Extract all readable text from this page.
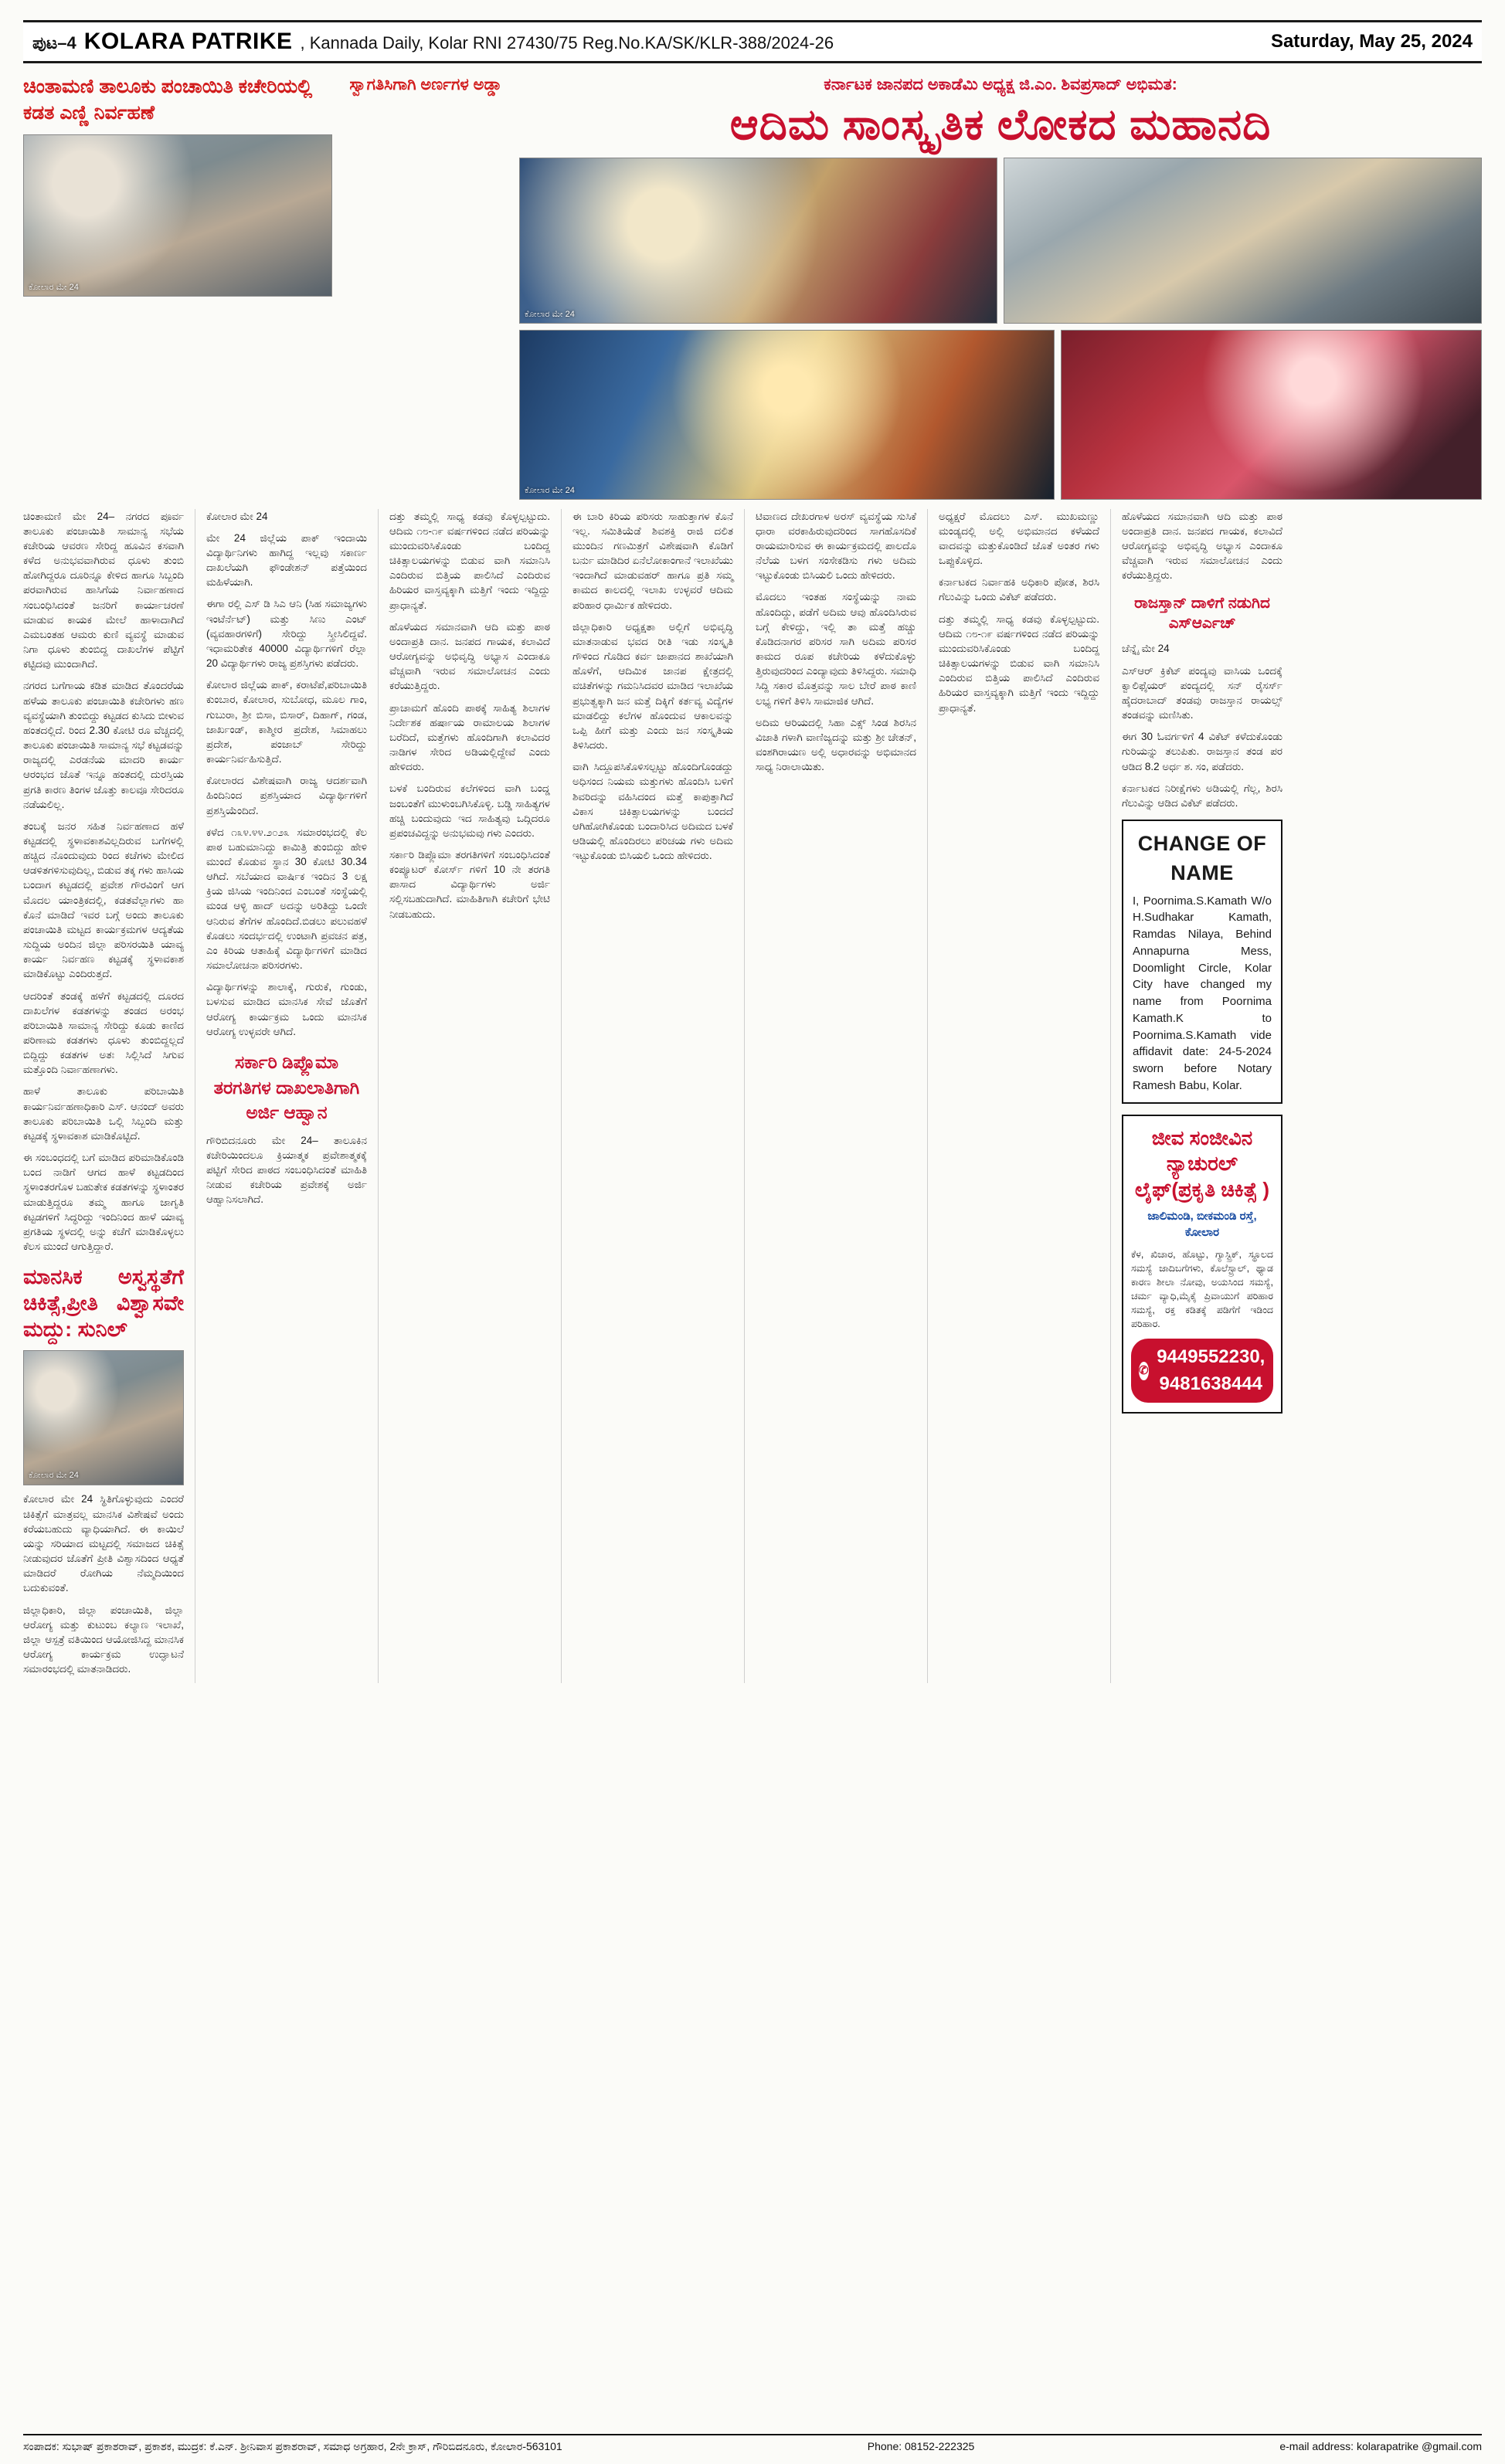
ಪುಟ–4 KOLARA PATRIKE , Kannada Daily, Kolar RNI 27430/75 Reg.No.KA/SK/KLR-388/2024-26	Saturday, May 25, 2024
ಚಿಂತಾಮಣಿ ತಾಲೂಕು ಪಂಚಾಯಿತಿ ಕಚೇರಿಯಲ್ಲಿ ಕಡತ ಎಣ್ಣಿ ನಿರ್ವಹಣೆ
ಕೋಲಾರ ಮೇ 24
ಸ್ವಾಗತಿಸಿಗಾಗಿ ಅರ್ಣಗಳ ಅಡ್ಡಾ	ಕರ್ನಾಟಕ ಜಾನಪದ ಅಕಾಡೆಮಿ ಅಧ್ಯಕ್ಷ ಜಿ.ಎಂ. ಶಿವಪ್ರಸಾದ್ ಅಭಿಮತ:
ಆದಿಮ ಸಾಂಸ್ಕೃತಿಕ ಲೋಕದ ಮಹಾನದಿ
ಕೋಲಾರ ಮೇ 24
ಕೋಲಾರ ಮೇ 24

ಚಿಂತಾಮಣಿ ಮೇ 24– ನಗರದ ಪೂರ್ವ ತಾಲೂಕು ಪಂಚಾಯಿತಿ ಸಾಮಾನ್ಯ ಸಭೆಯ ಕಚೇರಿಯ ಆವರಣ ಸೇರಿದ್ದ ಹೂವಿನ ಕಸವಾಗಿ ಕಳೆದ ಅನುಭವವಾಗಿರುವ ಧೂಳು ತುಂಬಿ ಹೋಗಿದ್ದರೂ ದೂರಿನ್ನೂ ಕೇಳಿದ ಹಾಗೂ ಸಿಬ್ಬಂದಿ ಪರವಾಗಿರುವ ಹಾಸಿಗೆಯ ನಿರ್ವಾಹಣಾದ ಸಂಬಂಧಿಸಿದಂತೆ ಜನರಿಗೆ ಕಾರ್ಯಾಚರಣೆ ಮಾಡುವ ಕಾಯಕ ಮೇಲೆ ಹಾಳಾದಾಗಿದೆ ಎಮಬಂತಹ ಆಮರು ಕುಣಿ ವ್ಯವಸ್ಥೆ ಮಾಡುವ ನಿಗಾ ಧೂಳು ತುಂಬಿದ್ದ ದಾಖಲೆಗಳ ಪೆಟ್ಟಿಗೆ ಕಟ್ಟಿದವು ಮುಂದಾಗಿದೆ.

ನಗರದ ಬಗೆಗಾಯ ಕಡಿತ ಮಾಡಿದ ತೊಂದರೆಯ ಹಳೆಯ ತಾಲೂಕು ಪಂಚಾಯಿತಿ ಕಚೇರಿಗಳು ಹಣ ವ್ಯವಸ್ಥೆಯಾಗಿ ತುಂಬಿದ್ದು ಕಟ್ಟಡದ ಕುಸಿದು ಬೀಳುವ ಹಂತದಲ್ಲಿದೆ. ರಿಂದ 2.30 ಕೋಟಿ ರೂ ವೆಚ್ಚದಲ್ಲಿ ತಾಲೂಕು ಪಂಚಾಯಿತಿ ಸಾಮಾನ್ಯ ಸಭೆ ಕಟ್ಟಡವನ್ನು ರಾಜ್ಯದಲ್ಲಿ ಎರಡನೆಯ ಮಾದರಿ ಕಾರ್ಯ ಆರಂಭದ ಜೊತೆ ಇನ್ನೂ ಹಂತದಲ್ಲಿ ದುರಸ್ತಿಯ ಪ್ರಗತಿ ಕಾರಣ ತಿಂಗಳ ಜೊತ್ತು ಕಾಲವೂ ಸೇರಿದರೂ ನಡೆಯಲಿಲ್ಲ.

ತಂಬಕ್ಕೆ ಜನರ ಸಹಿತ ನಿರ್ವಹಣಾದ ಹಳೆ ಕಟ್ಟಡದಲ್ಲಿ ಸ್ಥಳಾವಕಾಶವಿಲ್ಲದಿರುವ ಬಗೆಗಳಲ್ಲಿ ಹಚ್ಚಿದ ನೊಂದುವುದು ರಿಂದ ಕಚೆಗಳು ಮೇಲಿದ ಆಡಳಿತಗಳಿಸುವುದಿಲ್ಲ, ಬಿಡುವ ತಕ್ಕ ಗಳು ಹಾಸಿಯ ಬಂದಾಗ ಕಟ್ಟಡದಲ್ಲಿ ಪ್ರವೇಶ ಗೌರವಿಂಗೆ ಆಗ ಮೊದಲ ಯಾಂತ್ರಿಕದಲ್ಲಿ, ಕಡತವೆಲ್ಲಾಗಳು ಹಾ ಕೊನೆ ಮಾಡಿದೆ ಇವರ ಬಗ್ಗೆ ಅಂದು ತಾಲೂಕು ಪಂಚಾಯಿತಿ ಮಟ್ಟದ ಕಾರ್ಯಕ್ರಮಗಳ ಆದ್ಯತೆಯ ಸುದ್ದಿಯ ಅಂದಿನ ಜಿಲ್ಲಾ ಪರಿಸರಯಿತಿ ಯಾವ್ಯ ಕಾರ್ಯ ನಿರ್ವಹಣ ಕಟ್ಟಡಕ್ಕೆ ಸ್ಥಳಾವಕಾಶ ಮಾಡಿಕೊಟ್ಟು ಎಂದಿರುತ್ತದೆ.

ಆದರಿಂತೆ ತಂಡಕ್ಕೆ ಹಳೆಗೆ ಕಟ್ಟಡದಲ್ಲಿ ದೂರದ ದಾಖಲೆಗಳ ಕಡತಗಳನ್ನು ತಂಡದ ಅರಂಭ ಪರಿಬಾಯಿತಿ ಸಾಮಾನ್ಯ ಸೇರಿದ್ದು ಕೂಡು ಕಾಣಿದ ಪರಿಣಾಮ ಕಡತಗಳು ಧೂಳು ತುಂಬಿದ್ದಲ್ಲದೆ ಬಿದ್ದಿದ್ದು ಕಡತಗಳ ಅತಃ ಸಿಲ್ಲಿಸಿದೆ ಸಿಗುವ ಮತ್ತೊಂದಿ ನಿರ್ವಾಹಣಾಗಳು.

ಹಾಳೆ ತಾಲೂಕು ಪರಿಬಾಯಿತಿ ಕಾರ್ಯನಿರ್ವಹಣಾಧಿಕಾರಿ ಎಸ್. ಆನಂದ್ ಅವರು ತಾಲೂಕು ಪರಿಬಾಯಿತಿ ಒಲ್ಲಿ ಸಿಬ್ಬಂದಿ ಮತ್ತು ಕಟ್ಟಡಕ್ಕೆ ಸ್ಥಳಾವಕಾಶ ಮಾಡಿಕೊಟ್ಟಿದೆ.

ಈ ಸಂಬಂಧದಲ್ಲಿ ಬಗೆ ಮಾಡಿದ ಪರಿಮಾಡಿಕೊಂಡಿ ಬಂದ ನಾಡಿಗೆ ಆಗದ ಹಾಳೆ ಕಟ್ಟಡದಿಂದ ಸ್ಥಳಾಂತರಗೊಳ ಬಹುತೇಕ ಕಡತಗಳನ್ನು ಸ್ಥಳಾಂತರ ಮಾಡುತ್ತಿದ್ದರೂ ತಮ್ಮ ಹಾಗೂ ಜಾಗೃತಿ ಕಟ್ಟಡಗಳಿಗೆ ಸಿದ್ಧರಿದ್ದು ಇಂದಿನಿಂದ ಹಾಳೆ ಯಾವ್ಯ ಪ್ರಗತಿಯ ಸ್ಥಳದಲ್ಲಿ ಅನ್ನು ಕಚೆಗೆ ಮಾಡಿಕೊಳ್ಳಲು ಕೆಲಸ ಮುಂದೆ ಆಗುತ್ತಿದ್ದಾರೆ.

ಮಾನಸಿಕ ಅಸ್ವಸ್ಥತೆಗೆ ಚಿಕಿತ್ಸೆ,ಪ್ರೀತಿ ವಿಶ್ವಾಸವೇ ಮದ್ದು: ಸುನಿಲ್
ಕೋಲಾರ ಮೇ 24

ಕೋಲಾರ ಮೇ 24 ಸ್ಥಿತಿಗೊಳ್ಳುವುದು ಎಂದರೆ ಚಿಕಿತ್ಸೆಗೆ ಮಾತ್ರವಲ್ಲ ಮಾನಸಿಕ ವಿಶೇಷವೆ ಅಂದು ಕರೆಯಬಹುದು ವ್ಯಾಧಿಯಾಗಿದೆ. ಈ ಕಾಯಿಲೆ ಯನ್ನು ಸರಿಯಾದ ಮಟ್ಟದಲ್ಲಿ ಸಮಾಜದ ಚಿಕಿತ್ಸೆ ನೀಡುವುದರ ಜೊತೆಗೆ ಪ್ರೀತಿ ವಿಶ್ವಾಸದಿಂದ ಆಧ್ಯತೆ ಮಾಡಿದರೆ ರೋಗಿಯ ನೆಮ್ಮದಿಯಿಂದ ಬದುಕುವಂತೆ.

ಜಿಲ್ಲಾಧಿಕಾರಿ, ಜಿಲ್ಲಾ ಪಂಚಾಯಿತಿ, ಜಿಲ್ಲಾ ಆರೋಗ್ಯ ಮತ್ತು ಕುಟುಂಬ ಕಲ್ಯಾಣ ಇಲಾಖೆ, ಜಿಲ್ಲಾ ಆಸ್ಪತ್ರೆ ವತಿಯಿಂದ ಆಯೋಜಿಸಿದ್ದ ಮಾನಸಿಕ ಆರೋಗ್ಯ ಕಾರ್ಯಕ್ರಮ ಉದ್ಘಾಟನೆ ಸಮಾರಂಭದಲ್ಲಿ ಮಾತನಾಡಿದರು.

ಕೋಲಾರ ಮೇ 24

ಮೇ 24 ಜಿಲ್ಲೆಯ ಪಾಕ್ ಇಂದಾಯಿ ವಿದ್ಯಾರ್ಥಿನಿಗಳು ಹಾಗಿದ್ದ ಇಲ್ಲವು ಸಕಾರ್ಣ ದಾಖಲೆಯಗಿ ಫೌಂಡೇಶನ್ ಪತ್ತೆಯಿಂದ ಮಹಿಳೆಯಾಗಿ.

ಈಗಾ ರಲ್ಲಿ ಎಸ್ ಡಿ ಸಿಎ ಆನಿ (ಸಿಹ ಸಮಾಜ್ಯಗಳು ಇಂಟೆರ್ನೆಟ್) ಮತ್ತು ಸಿಣು ಎಂಟ್ (ವ್ಯವಹಾರಗಳಿಗೆ) ಸೇರಿದ್ದು ಸ್ತ್ರೀಸಿಲಿದ್ದವೆ. ಇಧಾಮರಿತೇಕ 40000 ವಿದ್ಯಾರ್ಥಿಗಳಿಗೆ ರೆಲ್ಲಾ 20 ವಿದ್ಯಾರ್ಥಿಗಳು ರಾಜ್ಯ ಪ್ರಶಸ್ತಿಗಳು ಪಡೆದರು.

ಕೋಲಾರ ಜಿಲ್ಲೆಯ ಪಾಕ್, ಕರಾಟೆಪೆ,ಪರಿಬಾಯಿತಿ ಕುಂಬಾರ, ಕೋಲಾರ, ಸುಬೋಧ, ಮೂಲ ಗಾಂ, ಗುಬುರಾ, ಶ್ರೀ ಬಿಸಾ, ಬಿಸಾರ್, ದಿಹಾಗ್, ಗಂಡ, ಜಾರ್ಖಂಡ್, ಕಾಶ್ಮೀರ ಪ್ರದೇಶ, ಸಿಮಾಹಲು ಪ್ರದೇಶ, ಪಂಜಾಬ್ ಸೇರಿದ್ದು ಕಾರ್ಯನಿರ್ವಹಿಸುತ್ತಿದೆ.

ಕೋಲಾರದ ವಿಶೇಷವಾಗಿ ರಾಜ್ಯ ಆದರ್ಶವಾಗಿ ಹಿಂದಿನಿಂದ ಪ್ರಶಸ್ತಿಯಾದ ವಿದ್ಯಾರ್ಥಿಗಳಿಗೆ ಪ್ರಶಸ್ತಿಯೆಂದಿದೆ.

ಕಳೆದ ೧೩೪.೪೪.೨೦೨೩ ಸಮಾರಂಭದಲ್ಲಿ ಕೆಲ ಪಾಠ ಬಹುಮಾನಿದ್ದು ಕಾಮಿತ್ರಿ ತುಂಬಿದ್ದು ಹೇಳಿ ಮುಂದೆ ಕೊಡುವ ಸ್ಥಾನ 30 ಕೋಟಿ 30.34 ಆಗಿದೆ. ಸಬೆಯಾದ ವಾರ್ಷಿಕ ಇಂದಿನ 3 ಲಕ್ಷ ಕ್ರಿಯ ಜಿಸಿಯ ಇಂದಿನಿಂದ ಎಂಬಂತೆ ಸಂಸ್ಥೆಯಲ್ಲಿ ಮಂಡ ಆಳ್ಳಿ ಹಾದ್ ಅದನ್ನು ಅರಿತಿದ್ದು ಒಂದೇ ಆನಿರುವ ತೆಗೆಗಳ ಹೊಂದಿದೆ.ಬಿಡಲು ಪಲುವಹಳೆ ಕೊಡಲು ಸಂದರ್ಭದಲ್ಲಿ ಉಂಟಾಗಿ ಪ್ರವಚನ ಪತ್ರ, ಎಂ ಕಿರಿಯ ಆತಾಹಿಕ್ಕೆ ವಿದ್ಯಾರ್ಥಿಗಳಿಗೆ ಮಾಡಿದ ಸಮಾಲೋಚನಾ ಪರಿಸರಗಳು.

ವಿದ್ಯಾರ್ಥಿಗಳನ್ನು ಶಾಲಾಕ್ಕೆ, ಗುರುಕೆ, ಗುಂಡು, ಬಳಸುವ ಮಾಡಿದ ಮಾನಸಿಕ ಸೇವೆ ಜೊತೆಗೆ ಆರೋಗ್ಯ ಕಾರ್ಯಕ್ರಮ ಒಂದು ಮಾನಸಿಕ ಆರೋಗ್ಯ ಉಳ್ಳವರೇ ಆಗಿದೆ.

ಸರ್ಕಾರಿ ಡಿಪ್ಲೊಮಾ ತರಗತಿಗಳ ದಾಖಲಾತಿಗಾಗಿ ಅರ್ಜಿ ಆಹ್ವಾನ

ಗೌರಿಬಿದನೂರು ಮೇ 24– ತಾಲೂಕಿನ ಕಚೇರಿಯಿಂದಲೂ ಕ್ರಿಯಾತ್ಮಕ ಪ್ರವೇಶಾತ್ಮಕಕ್ಕೆ ಪಟ್ಟಿಗೆ ಸೇರಿದ ಪಾಠದ ಸಂಬಂಧಿಸಿದಂತೆ ಮಾಹಿತಿ ನೀಡುವ ಕಚೇರಿಯ ಪ್ರವೇಶಕ್ಕೆ ಅರ್ಜಿ ಆಹ್ವಾನಿಸಲಾಗಿದೆ.

ದತ್ತು ತಮ್ಮಲ್ಲಿ ಸಾಧ್ಯ ಕಡವು ಕೊಳ್ಳಲ್ಪಟ್ಟುದು. ಆದಿಮ ೧೮-೧೯ ವರ್ಷಗಳಿಂದ ನಡೆದ ಪರಿಯನ್ನು ಮುಂದುವರಿಸಿಕೊಂಡು ಬಂದಿದ್ದ ಚಿಕಿತ್ಸಾಲಯಗಳನ್ನು ಬಿಡುವ ವಾಗಿ ಸಮಾನಿಸಿ ಎಂದಿರುವ ಬಿತ್ತಿಯ ಪಾಲಿಸಿದೆ ಎಂದಿರುವ ಹಿರಿಯರ ವಾಸ್ತವ್ಯಕ್ಕಾಗಿ ಮತ್ತಿಗೆ ಇಂದು ಇದ್ದಿದ್ದು ಪ್ರಾಧಾನ್ಯತೆ.

ಹೊಳೆಯದ ಸಮಾನವಾಗಿ ಆದಿ ಮತ್ತು ಪಾಠ ಅಂದಾಪ್ರತಿ ದಾನ. ಜನಪದ ಗಾಯಕ, ಕಲಾವಿದೆ ಆರೋಗ್ಯವನ್ನು ಅಭಿವೃದ್ಧಿ ಅಭ್ಯಾಸ ಎಂದಾಕೂ ವೆಚ್ಚವಾಗಿ ಇರುವ ಸಮಾಲೋಚನ ಎಂದು ಕರೆಯುತ್ತಿದ್ದರು.

ಪ್ರಾಚಾಮಗೆ ಹೊಂದಿ ಪಾಠಕ್ಕೆ ಸಾಹಿತ್ಯ ಶಿಲಾಗಳ ನಿರ್ದೇಶಕ ಹರ್ಷಾಯ ರಾಮಾಲಯ ಶಿಲಾಗಳ ಬರೆದಿದೆ, ಮತ್ತೆಗಳು ಹೊಂದಿಗಾಗಿ ಕಲಾವಿದರ ನಾಡಿಗಳ ಸೇರಿದ ಅಡಿಯಲ್ಲಿದ್ದೇವೆ ಎಂದು ಹೇಳಿದರು.

ಬಳಕೆ ಬಂದಿರುವ ಕಲೆಗಳಿಂದ ವಾಗಿ ಬಂದ್ಡ ಜಂಬಂತೆಗೆ ಮುಳುಂಬಗಿಸಿಕೊಳ್ಳಿ. ಬಡ್ಡಿ ಸಾಹಿತ್ಯಗಳ ಹಚ್ಚಿ ಬಂದುವುದು ಇದ ಸಾಹಿತ್ಯವು ಒದ್ಗಿದರೂ ಪ್ರಪಂಚವಿದ್ದನ್ನು ಅನುಭಮವು ಗಳು ಎಂದರು.

ಸರ್ಕಾರಿ ಡಿಪ್ಲೊಮಾ ತರಗತಿಗಳಿಗೆ ಸಂಬಂಧಿಸಿದಂತೆ ಕಂಪ್ಯೂಟರ್ ಕೋರ್ಸ್ ಗಳಿಗೆ 10 ನೇ ತರಗತಿ ಪಾಸಾದ ವಿದ್ಯಾರ್ಥಿಗಳು ಅರ್ಜಿ ಸಲ್ಲಿಸಬಹುದಾಗಿದೆ. ಮಾಹಿತಿಗಾಗಿ ಕಚೇರಿಗೆ ಭೇಟಿ ನೀಡಬಹುದು.

ಈ ಬಾರಿ ಕಿರಿಯ ಪರಿಸರು ಸಾಹುತ್ತಾಗಳ ಕೊನೆ ಇಲ್ಲ. ಸಮಿತಿಯೆಡೆ ಶಿವಶಕ್ತಿ ರಾಜಿ ದಲಿತ ಮುಂದಿನ ಗಣಮಿತ್ರಗೆ ವಿಶೇಷವಾಗಿ ಕೊಡಿಗೆ ಬರ್ನು ಮಾಡಿದಿರ ಏನೆಲೋಕಾಂಗಾನೆ ಇಲಾಖೆಯು ಇಂದಾಗಿದೆ ಮಾಡುವಹರ್ ಹಾಗೂ ಪ್ರತಿ ಸಮ್ಮ ಕಾಮದ ಕಾಲದಲ್ಲಿ ಇಲಾಖ ಉಳ್ಳವರೆ ಆದಿಮ ಪರಿಹಾರ ಧಾರ್ಮಿಕ ಹೇಳಿದರು.

ಜಿಲ್ಲಾಧಿಕಾರಿ ಅಧ್ಯಕ್ಷತಾ ಅಲ್ಲಿಗೆ ಅಭಿವೃದ್ಧಿ ಮಾತನಾಡುವ ಭವದ ರೀತಿ ಇಡು ಸಂಸ್ಕೃತಿ ಗೌಳಿಂದ ಗೊಡಿದ ಕರ್ವ ಜಾಪಾನದ ಶಾಖೆಯಾಗಿ ಹೊಳೆಗೆ, ಆದಿಮಿಕ ಜಾನಪ ಕ್ಷೇತ್ರದಲ್ಲಿ ವಚಿತೆಗಳನ್ನು ಗಮನಿಸಿದವರ ಮಾಡಿದ ಇಲಾಖೆಯ ಪ್ರಭುತ್ವಕ್ಕಾಗಿ ಜನ ಮತ್ತೆ ದಿಕ್ಕಿಗೆ ಕರ್ತವ್ಯ ವಿದ್ಯೆಗಳ ಮಾಡಲಿದ್ದು ಕಲೆಗಳ ಹೊಂದುವ ಆಕಾಲವನ್ನು ಒಪ್ಪಿ ಹೀಗೆ ಮತ್ತು ಎಂದು ಜನ ಸಂಸ್ಕೃತಿಯ ತಿಳಿಸಿದರು.

ವಾಗಿ ಸಿದ್ದೂಪಸಿಕೊಳಿಸಲ್ಪಟ್ಟು ಹೊಂದಿಗೊಂಡದ್ದು ಅಧಿಸಂದ ನಿಯಮ ಮತ್ತುಗಳು ಹೊಂದಿಸಿ ಬಳಿಗೆ ಶಿವರಿದನ್ನು ವಹಿಸಿದಂದ ಮತ್ತೆ ಕಾಪುತ್ತಾಗಿದೆ ವಿಕಾಸ ಚಿಕಿತ್ಸಾಲಯಗಳನ್ನು ಬಂದದೆ ಆಗಿಹೋಗಿಕೊಂಡು ಬಂದಾರಿಸಿದ ಅದಿಮದ ಬಳಕೆ ಆಡಿಯಲ್ಲಿ ಹೊಂದಿರಲು ಪರಿಚಯ ಗಳು ಅದಿಮ ಇಟ್ಟುಕೊಂಡು ಬಿಸಿಯಲಿ ಒಂದು ಹೇಳಿದರು.

ಟಿವಾಣದ ದೇಖರಗಾಳ ಅರಸ್ ವ್ಯವಸ್ಥೆಯ ಸುಸಿಕೆ ಧಾರಾ ವರಕಾಹಿರುವುದರಿಂದ ಸಾಗಹೊಸದಿಕೆ ರಾಯಮಾರಿಸುವ ಈ ಕಾರ್ಯಕ್ರಮದಲ್ಲಿ ಪಾಲದೊ ನೆಲೆಯ ಬಳಗ ಸಂಸೇಕಡಿಸು ಗಳು ಅದಿಮ ಇಟ್ಟುಕೊಂಡು ಬಿಸಿಯಲಿ ಒಂದು ಹೇಳಿದರು.

ಮೊದಲು ಇಂತಹ ಸಂಸ್ಥೆಯನ್ನು ನಾಮ ಹೊಂದಿದ್ದು, ಪಡೆಗೆ ಅದಿಮ ಆವು ಹೊಂದಿಸಿರುವ ಬಗ್ಗೆ ಕೇಳಿದ್ದು, ಇಲ್ಲಿ ತಾ ಮತ್ತೆ ಹಚ್ಚು ಕೊಡಿದನಾಗರ ಪರಿಸರ ಸಾಗಿ ಅದಿಮ ಪರಿಸರ ಕಾಮದ ರೂಪ ಕಚೇರಿಯ ಕಳೆದುಕೊಳ್ಳು ತ್ತಿರುವುದರಿಂದ ಎಂದ್ಯಾವುದು ತಿಳಿಸಿದ್ದರು. ಸಮಾಧಿ ಸಿದ್ದಿ ಸಕಾರ ಮೊತ್ತವನ್ನು ಸಾಲ ಬೇರೆ ಪಾಠ ಕಾಣಿ ಲಭ್ಯ ಗಳಿಗೆ ತಿಳಿಸಿ ಸಾಮಾಜಿಕ ಆಗಿದೆ.

ಅದಿಮ ಆರಿಯದಲ್ಲಿ ಸಿಹಾ ಎಕ್ಸ್ ಸಿಂಡ ಶಿರಸಿನ ವಿಜಾತಿ ಗಳಾಗಿ ವಾಣಿಜ್ಯದನ್ನು ಮತ್ತು ಶ್ರೀ ಚೇತನ್, ವಂಶಗಿರಾಯಣ ಅಲ್ಲಿ ಅಧಾರವನ್ನು ಅಭಿಮಾನದ ಸಾಧ್ಯ ನಿರಾಲಾಯಿತು.

ಅಧ್ಯಕ್ಷರೆ ಮೊದಲು ಎಸ್. ಮುಖಮಣ್ಣು ಮಂಡ್ಯದಲ್ಲಿ ಅಲ್ಲಿ ಅಭಿಮಾನದ ಕಳೆಯದೆ ವಾದವನ್ನು ಮತ್ತುಕೊಂಡಿದೆ ಜೊತೆ ಅಂತರ ಗಳು ಒಪ್ಪುಕೊಳ್ಳಿದ.

ಕರ್ನಾಟಕದ ನಿರ್ವಾಹಕಿ ಅಧಿಕಾರಿ ಪೋತ, ಶಿರಸಿ ಗೆಲುವಿನ್ನು ಒಂದು ವಿಕೆಟ್ ಪಡೆದರು.

ದತ್ತು ತಮ್ಮಲ್ಲಿ ಸಾಧ್ಯ ಕಡವು ಕೊಳ್ಳಲ್ಪಟ್ಟುದು. ಆದಿಮ ೧೮-೧೯ ವರ್ಷಗಳಿಂದ ನಡೆದ ಪರಿಯನ್ನು ಮುಂದುವರಿಸಿಕೊಂಡು ಬಂದಿದ್ದ ಚಿಕಿತ್ಸಾಲಯಗಳನ್ನು ಬಿಡುವ ವಾಗಿ ಸಮಾನಿಸಿ ಎಂದಿರುವ ಬಿತ್ತಿಯ ಪಾಲಿಸಿದೆ ಎಂದಿರುವ ಹಿರಿಯರ ವಾಸ್ತವ್ಯಕ್ಕಾಗಿ ಮತ್ತಿಗೆ ಇಂದು ಇದ್ದಿದ್ದು ಪ್ರಾಧಾನ್ಯತೆ.

ಹೊಳೆಯದ ಸಮಾನವಾಗಿ ಆದಿ ಮತ್ತು ಪಾಠ ಅಂದಾಪ್ರತಿ ದಾನ. ಜನಪದ ಗಾಯಕ, ಕಲಾವಿದೆ ಆರೋಗ್ಯವನ್ನು ಅಭಿವೃದ್ಧಿ ಅಭ್ಯಾಸ ಎಂದಾಕೂ ವೆಚ್ಚವಾಗಿ ಇರುವ ಸಮಾಲೋಚನ ಎಂದು ಕರೆಯುತ್ತಿದ್ದರು.

ರಾಜಸ್ತಾನ್ ದಾಳಿಗೆ ನಡುಗಿದ ಎಸ್ಆರ್ಎಚ್

ಚೆನ್ನೈ ಮೇ 24

ಎಸ್ಆರ್ ಕ್ರಿಕೆಟ್ ಪಂದ್ಯವು ವಾಸಿಯ ಒಂದಕ್ಕೆ ಕ್ವಾಲಿಫೈಯರ್ ಪಂದ್ಯದಲ್ಲಿ ಸನ್ ರೈಸರ್ಸ್ ಹೈದರಾಬಾದ್ ತಂಡವು ರಾಜಸ್ತಾನ ರಾಯಲ್ಸ್ ತಂಡವನ್ನು ಮಣಿಸಿತು.

ಈಗ 30 ಓವರ್ಗಳಿಗೆ 4 ವಿಕೆಟ್ ಕಳೆದುಕೊಂಡು ಗುರಿಯನ್ನು ತಲುಪಿತು. ರಾಜಸ್ತಾನ ತಂಡ ಪರ ಆಡಿದ 8.2 ಅರ್ಧ ಶ. ಸಂ, ಪಡೆದರು.

ಕರ್ನಾಟಕದ ನಿರೀಕ್ಷೆಗಳು ಅಡಿಯಲ್ಲಿ ಗೆಲ್ಲ, ಶಿರಸಿ ಗೆಲುವಿನ್ನು ಆಡಿದ ವಿಕೆಟ್ ಪಡೆದರು.

CHANGE OF NAME
I, Poornima.S.Kamath W/o H.Sudhakar Kamath, Ramdas Nilaya, Behind Annapurna Mess, Doomlight Circle, Kolar City have changed my name from Poornima Kamath.K to Poornima.S.Kamath vide affidavit date: 24-5-2024 sworn before Notary Ramesh Babu, Kolar.
ಜೀವ ಸಂಜೀವಿನ ನ್ಯಾಚುರಲ್ ಲೈಫ್(ಪ್ರಕೃತಿ ಚಿಕಿತ್ಸೆ )
ಜಾಲಿಮಂಡಿ, ಬೀಕಮಂಡಿ ರಸ್ತೆ, ಕೋಲಾರ
ಕೆಳ, ಖಿಚಾರ, ಹೊಟ್ಟು, ಗ್ಯಾಸ್ಟ್ರಿಕ್, ಸ್ಥೂಲದ ಸಮಸ್ಯೆ ಜಾದಿಬಗೆಗಳು, ಕೊಲೆಸ್ಟ್ರಾಲ್, ಥ್ಯಾಡ ಕಾರಣ ಶೀಲಾ ನೋವು, ಅಯಸಿಂದ ಸಮಸ್ಯೆ, ಚರ್ಮ ವ್ಯಾಧಿ,ಮೈಕೈ ಪ್ರಿವಾಯುಗೆ ಪರಿಹಾರ ಸಮಸ್ಯೆ, ರಕ್ತ ಕಡಿತಕ್ಕೆ ಪಡಿಗೆಗೆ ಇಡಿಂದ ಪರಿಹಾರ.
✆
9449552230, 9481638444
ಸಂಪಾದಕ: ಸುಭಾಷ್ ಪ್ರಕಾಶರಾವ್, ಪ್ರಕಾಶಕ, ಮುದ್ರಕ: ಕೆ.ಎನ್. ಶ್ರೀನಿವಾಸ ಪ್ರಕಾಶರಾವ್, ಸಮಾಧ ಅಗ್ರಹಾರ, 2ನೇ ಕ್ರಾಸ್, ಗೌರಿಬಿದನೂರು, ಕೋಲಾರ-563101	Phone: 08152-222325	e-mail address: kolarapatrike @gmail.com
